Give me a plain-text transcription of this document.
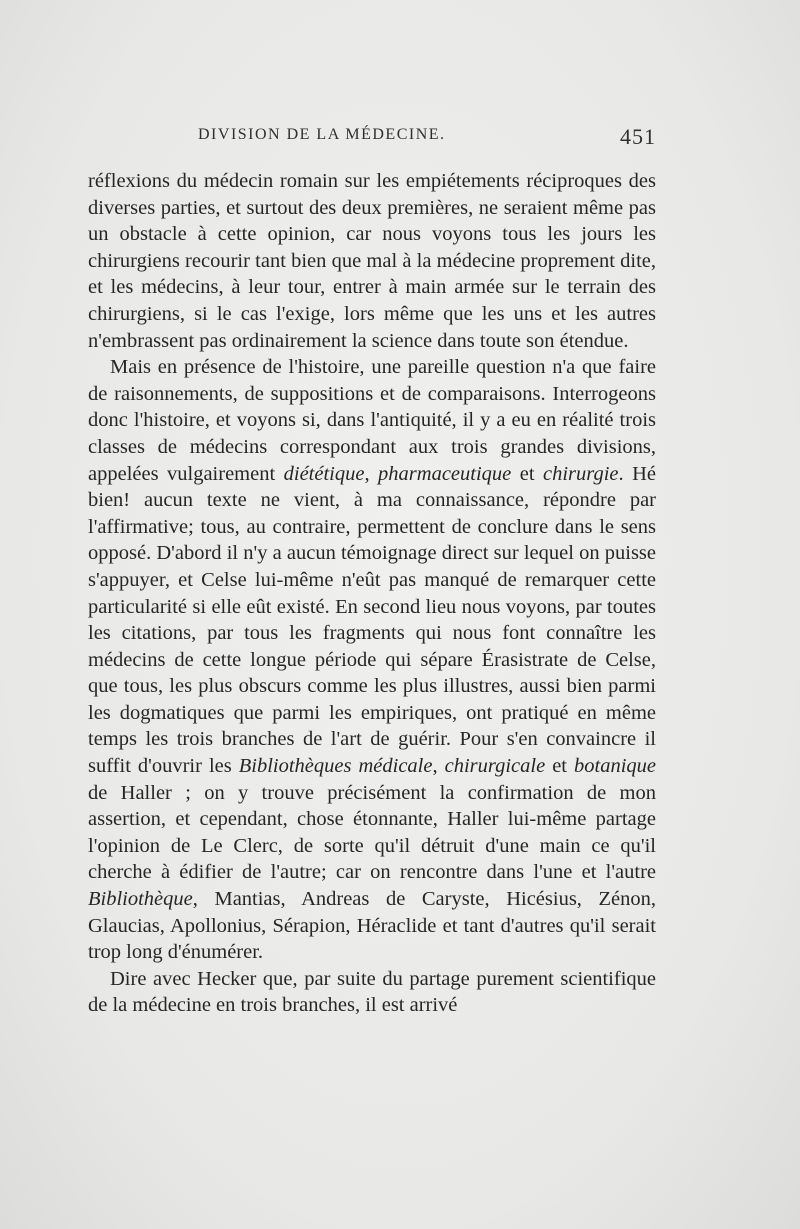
DIVISION DE LA MÉDECINE.	451

réflexions du médecin romain sur les empiétements réciproques des diverses parties, et surtout des deux premières, ne seraient même pas un obstacle à cette opinion, car nous voyons tous les jours les chirurgiens recourir tant bien que mal à la médecine proprement dite, et les médecins, à leur tour, entrer à main armée sur le terrain des chirurgiens, si le cas l'exige, lors même que les uns et les autres n'embrassent pas ordinairement la science dans toute son étendue.

Mais en présence de l'histoire, une pareille question n'a que faire de raisonnements, de suppositions et de comparaisons. Interrogeons donc l'histoire, et voyons si, dans l'antiquité, il y a eu en réalité trois classes de médecins correspondant aux trois grandes divisions, appelées vulgairement diététique, pharmaceutique et chirurgie. Hé bien! aucun texte ne vient, à ma connaissance, répondre par l'affirmative; tous, au contraire, permettent de conclure dans le sens opposé. D'abord il n'y a aucun témoignage direct sur lequel on puisse s'appuyer, et Celse lui-même n'eût pas manqué de remarquer cette particularité si elle eût existé. En second lieu nous voyons, par toutes les citations, par tous les fragments qui nous font connaître les médecins de cette longue période qui sépare Érasistrate de Celse, que tous, les plus obscurs comme les plus illustres, aussi bien parmi les dogmatiques que parmi les empiriques, ont pratiqué en même temps les trois branches de l'art de guérir. Pour s'en convaincre il suffit d'ouvrir les Bibliothèques médicale, chirurgicale et botanique de Haller ; on y trouve précisément la confirmation de mon assertion, et cependant, chose étonnante, Haller lui-même partage l'opinion de Le Clerc, de sorte qu'il détruit d'une main ce qu'il cherche à édifier de l'autre; car on rencontre dans l'une et l'autre Bibliothèque, Mantias, Andreas de Caryste, Hicésius, Zénon, Glaucias, Apollonius, Sérapion, Héraclide et tant d'autres qu'il serait trop long d'énumérer.

Dire avec Hecker que, par suite du partage purement scientifique de la médecine en trois branches, il est arrivé
